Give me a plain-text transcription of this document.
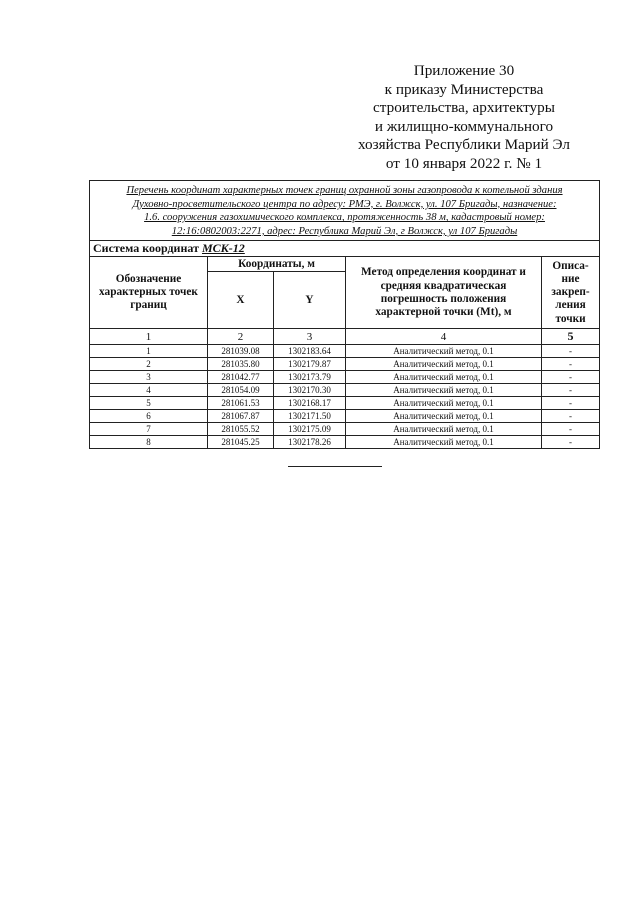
Приложение 30
к приказу Министерства
строительства, архитектуры
и жилищно-коммунального
хозяйства Республики Марий Эл
от 10 января 2022 г. № 1
Перечень координат характерных точек границ охранной зоны газопровода к котельной здания
Духовно-просветительского центра по адресу: РМЭ, г. Волжск, ул. 107 Бригады, назначение:
1.6. сооружения газохимического комплекса, протяженность 38 м, кадастровый номер:
12:16:0802003:2271, адрес: Республика Марий Эл, г Волжск, ул 107 Бригады				

Система координат МСК-12				
Обозначение характерных точек границ	Координаты, м		Метод определения координат и средняя квадратическая погрешность положения характерной точки (Mt), м	Описа-
ние
закреп-
ления
точки
	X	Y		
1	2	3	4	5
1	281039.08	1302183.64	Аналитический метод, 0.1	-
2	281035.80	1302179.87	Аналитический метод, 0.1	-
3	281042.77	1302173.79	Аналитический метод, 0.1	-
4	281054.09	1302170.30	Аналитический метод, 0.1	-
5	281061.53	1302168.17	Аналитический метод, 0.1	-
6	281067.87	1302171.50	Аналитический метод, 0.1	-
7	281055.52	1302175.09	Аналитический метод, 0.1	-
8	281045.25	1302178.26	Аналитический метод, 0.1	-
